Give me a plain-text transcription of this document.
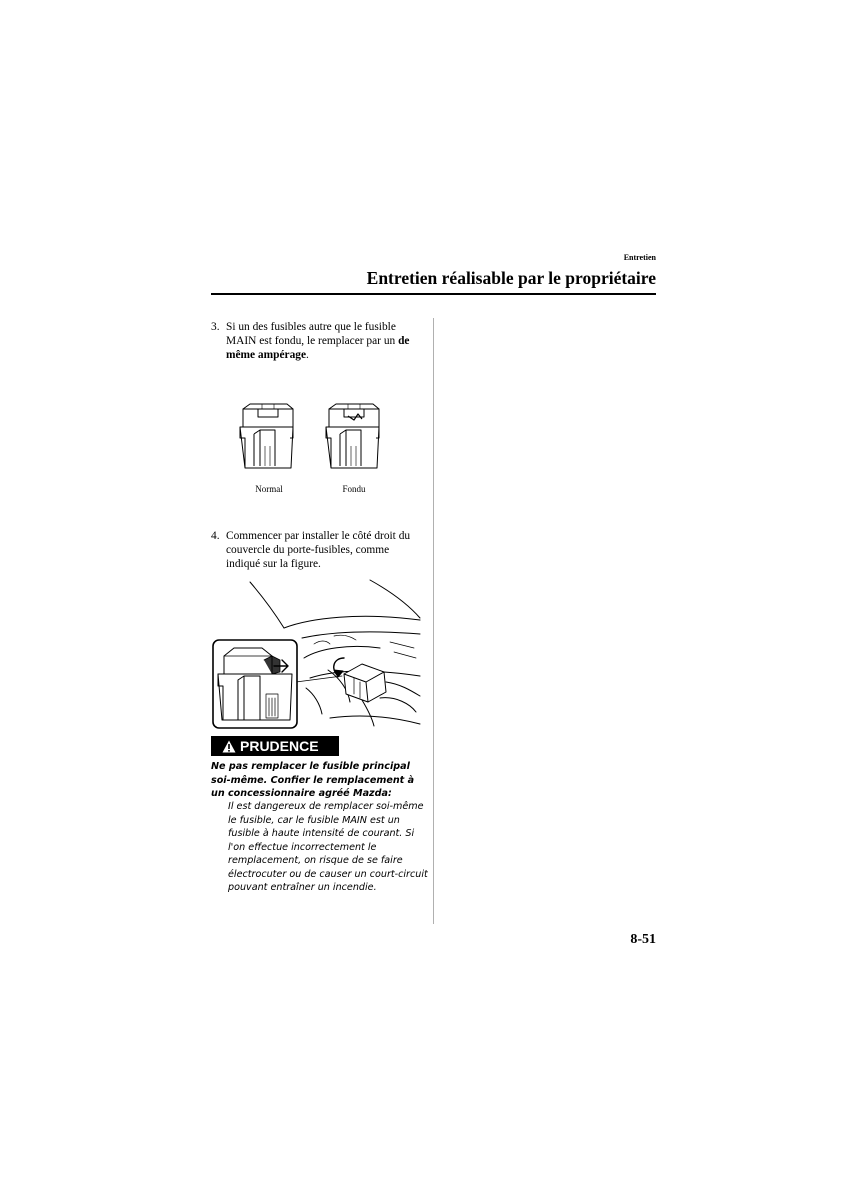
Entretien
Entretien réalisable par le propriétaire
3. Si un des fusibles autre que le fusible MAIN est fondu, le remplacer par un de même ampérage.
Normal	Fondu
4. Commencer par installer le côté droit du couvercle du porte-fusibles, comme indiqué sur la figure.
PRUDENCE
Ne pas remplacer le fusible principal soi-même. Confier le remplacement à un concessionnaire agréé Mazda:
Il est dangereux de remplacer soi-même le fusible, car le fusible MAIN est un fusible à haute intensité de courant. Si l'on effectue incorrectement le remplacement, on risque de se faire électrocuter ou de causer un court-circuit pouvant entraîner un incendie.
8-51
